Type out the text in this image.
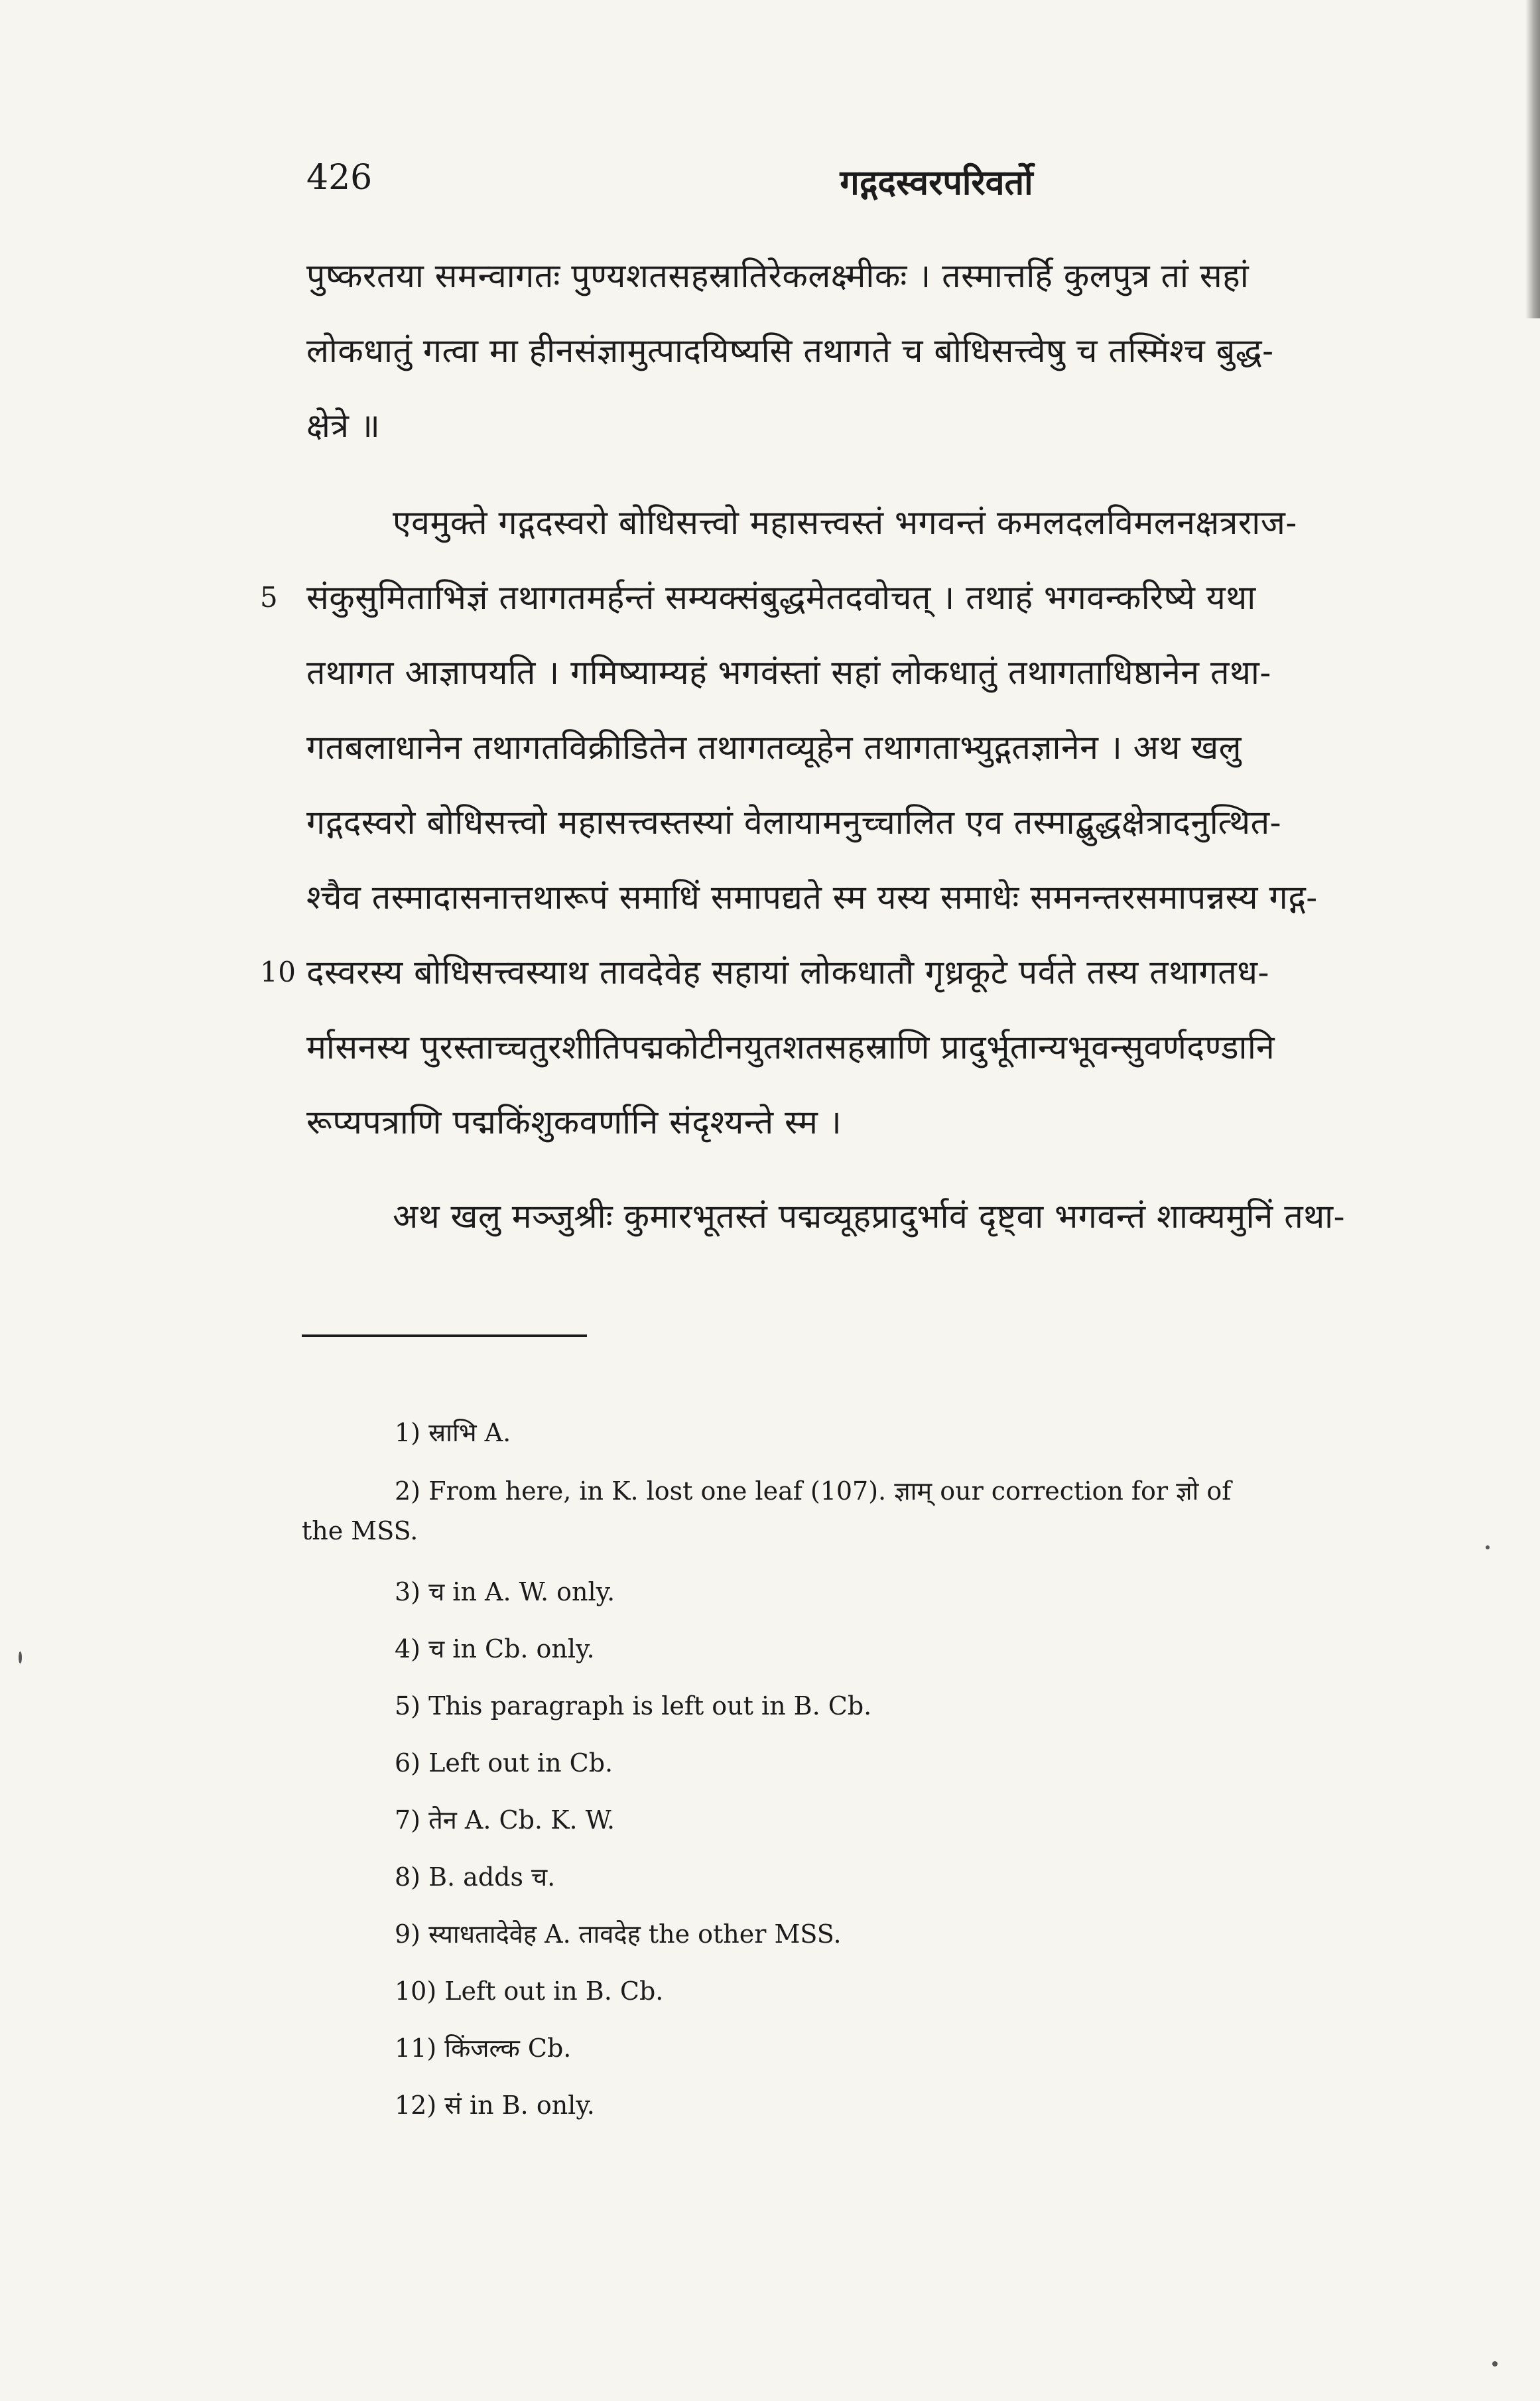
426	गद्गदस्वरपरिवर्तो
पुष्करतया समन्वागतः पुण्यशतसहस्रातिरेकलक्ष्मीकः । तस्मात्तर्हि कुलपुत्र तां सहां
लोकधातुं गत्वा मा हीनसंज्ञामुत्पादयिष्यसि तथागते च बोधिसत्त्वेषु च तस्मिंश्च बुद्ध-
क्षेत्रे ॥
एवमुक्ते गद्गदस्वरो बोधिसत्त्वो महासत्त्वस्तं भगवन्तं कमलदलविमलनक्षत्रराज-
5 संकुसुमिताभिज्ञं तथागतमर्हन्तं सम्यक्संबुद्धमेतदवोचत् । तथाहं भगवन्करिष्ये यथा
तथागत आज्ञापयति । गमिष्याम्यहं भगवंस्तां सहां लोकधातुं तथागताधिष्ठानेन तथा-
गतबलाधानेन तथागतविक्रीडितेन तथागतव्यूहेन तथागताभ्युद्गतज्ञानेन । अथ खलु
गद्गदस्वरो बोधिसत्त्वो महासत्त्वस्तस्यां वेलायामनुच्चालित एव तस्माद्बुद्धक्षेत्रादनुत्थित-
श्चैव तस्मादासनात्तथारूपं समाधिं समापद्यते स्म यस्य समाधेः समनन्तरसमापन्नस्य गद्ग-
10 दस्वरस्य बोधिसत्त्वस्याथ तावदेवेह सहायां लोकधातौ गृध्रकूटे पर्वते तस्य तथागतध-
र्मासनस्य पुरस्ताच्चतुरशीतिपद्मकोटीनयुतशतसहस्राणि प्रादुर्भूतान्यभूवन्सुवर्णदण्डानि
रूप्यपत्राणि पद्मकिंशुकवर्णानि संदृश्यन्ते स्म ।
अथ खलु मञ्जुश्रीः कुमारभूतस्तं पद्मव्यूहप्रादुर्भावं दृष्ट्वा भगवन्तं शाक्यमुनिं तथा-
1) स्राभि A.
2) From here, in K. lost one leaf (107). ज्ञाम् our correction for ज्ञो of
the MSS.
3) च in A. W. only.
4) च in Cb. only.
5) This paragraph is left out in B. Cb.
6) Left out in Cb.
7) तेन A. Cb. K. W.
8) B. adds च.
9) स्याधतादेवेह A. तावदेह the other MSS.
10) Left out in B. Cb.
11) किंजल्क Cb.
12) सं in B. only.
